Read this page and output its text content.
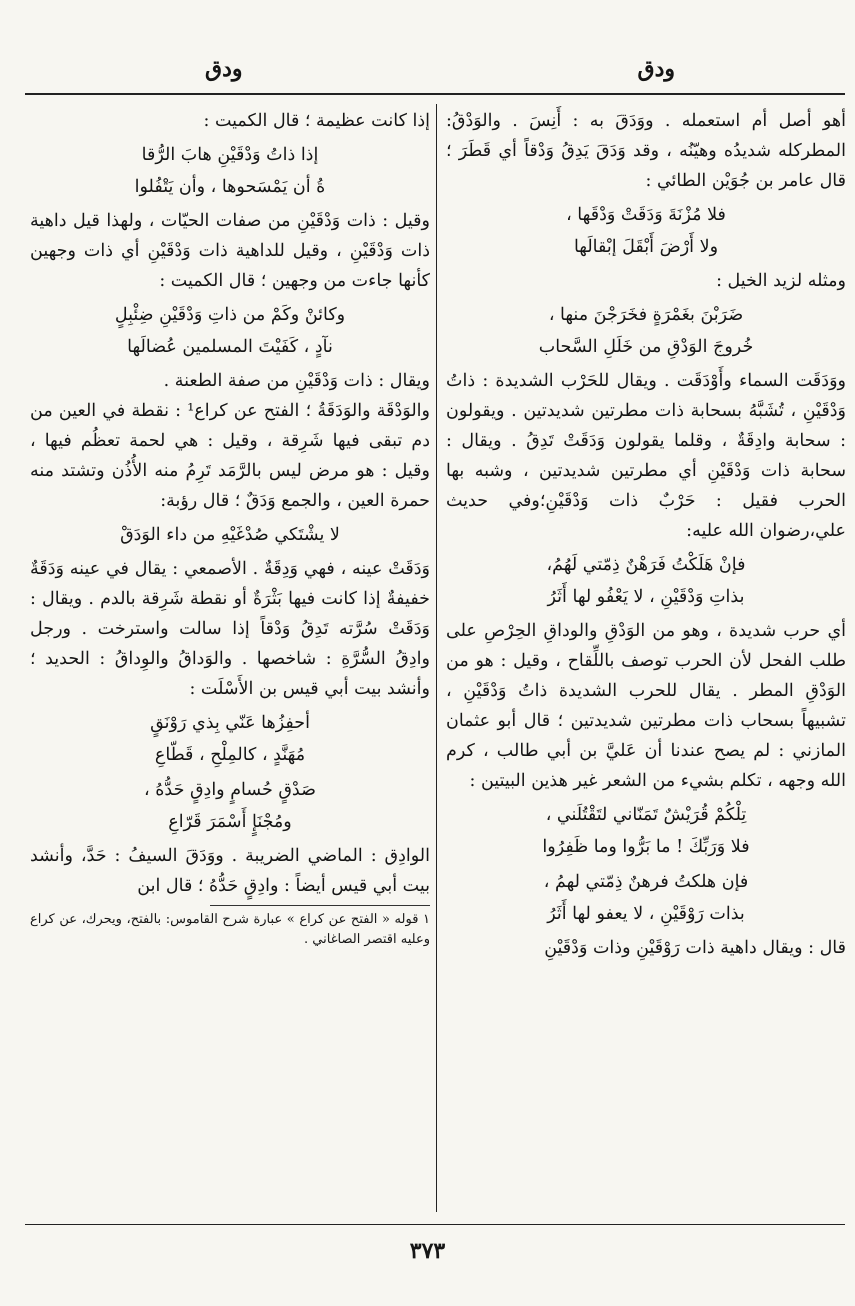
ودق
ودق

أهو أصل أم استعمله . ووَدَقَ به : أَنِسَ . والوَدْقُ: المطركله شديدُه وهيّنُه ، وقد وَدَقَ يَدِقُ وَدْقاً أي قَطَرَ ؛ قال عامر بن جُوَيْن الطائي :

فلا مُزْنَةَ وَدَقَتْ وَدْقَها ،
ولا أَرْضَ أَبْقَلَ إبْقالَها

ومثله لزيد الخيل :

ضَرَبْنَ بغَمْرَةٍ فخَرَجْنَ منها ،
خُروجَ الوَدْقِ من خَلَلِ السَّحاب

ووَدَقَت السماء وأَوْدَقَت . ويقال للحَرْب الشديدة : ذاتُ وَدْقَيْنِ ، تُشَبَّهُ بسحابة ذات مطرتين شديدتين . ويقولون : سحابة وادِقَةٌ ، وقلما يقولون وَدَقَتْ تَدِقُ . ويقال : سحابة ذات وَدْقَيْنِ أي مطرتين شديدتين ، وشبه بها الحرب فقيل : حَرْبٌ ذات وَدْقَيْنِ؛وفي حديث علي،رضوان الله عليه:

فإنْ هَلَكْتُ فَرَهْنٌ ذِمّتي لَهُمُ،
بذاتِ وَدْقَيْنِ ، لا يَعْفُو لها أَثَرُ

أي حرب شديدة ، وهو من الوَدْقِ والوداقِ الحِرْصِ على طلب الفحل لأن الحرب توصف باللِّقاح ، وقيل : هو من الوَدْقِ المطر . يقال للحرب الشديدة ذاتُ وَدْقَيْنِ ، تشبيهاً بسحاب ذات مطرتين شديدتين ؛ قال أبو عثمان المازني : لم يصح عندنا أن عَليَّ بن أبي طالب ، كرم الله وجهه ، تكلم بشيء من الشعر غير هذين البيتين :

تِلْكُمْ قُرَيْشٌ تَمَنّاني لتَقْتُلَني ،
فلا وَرَبِّكَ ! ما بَرُّوا وما ظَفِرُوا
فإن هلكتُ فرهنٌ ذِمّتي لهمُ ،
بذات رَوْقَيْنِ ، لا يعفو لها أَثَرُ

قال : ويقال داهية ذات رَوْقَيْنِ وذات وَدْقَيْنِ

إذا كانت عظيمة ؛ قال الكميت :

إذا ذاتُ وَدْقَيْنِ هابَ الرُّقا
ةُ أن يَمْسَحوها ، وأن يَتْفُلوا

وقيل : ذات وَدْقَيْنِ من صفات الحيّات ، ولهذا قيل داهية ذات وَدْقَيْنِ ، وقيل للداهية ذات وَدْقَيْنِ أي ذات وجهين كأنها جاءت من وجهين ؛ قال الكميت :

وكائنْ وكَمْ من ذاتِ وَدْقَيْنِ ضِئْبِلٍ
نآدٍ ، كَفَيْتَ المسلمين عُضالَها

ويقال : ذات وَدْقَيْنِ من صفة الطعنة .

والوَدْقَة والوَدَقَةُ ؛ الفتح عن كراع¹ : نقطة في العين من دم تبقى فيها شَرِقة ، وقيل : هي لحمة تعظُم فيها ، وقيل : هو مرض ليس بالرَّمَد تَرِمُ منه الأُذُن وتشتد منه حمرة العين ، والجمع وَدَقٌ ؛ قال رؤبة:

لا يشْتَكي صُدْغَيْهِ من داء الوَدَقْ

وَدَقَتْ عينه ، فهي وَدِقَةٌ . الأصمعي : يقال في عينه وَدَقَةٌ خفيفةٌ إذا كانت فيها بَثْرَةٌ أو نقطة شَرِقة بالدم . ويقال : وَدَقَتْ سُرَّته تَدِقُ وَدْقاً إذا سالت واسترخت . ورجل وادِقُ السُّرَّةِ : شاخصها . والوَداقُ والوِداقُ : الحديد ؛ وأنشد بيت أبي قيس بن الأَسْلَت :

أحفِزُها عَنّي بِذي رَوْنَقٍ
مُهَنَّدٍ ، كالمِلْحِ ، قَطّاعِ
صَدْقٍ حُسامٍ وادِقٍ حَدُّهُ ،
ومُجْنَإٍ أَسْمَرَ قَرّاعِ

الوادِق : الماضي الضريبة . ووَدَقَ السيفُ : حَدَّ، وأنشد بيت أبي قيس أيضاً : وادِقٍ حَدُّهُ ؛ قال ابن

١ قوله « الفتح عن كراع » عبارة شرح القاموس: بالفتح، ويحرك، عن كراع وعليه اقتصر الصاغاني .
٣٧٣
